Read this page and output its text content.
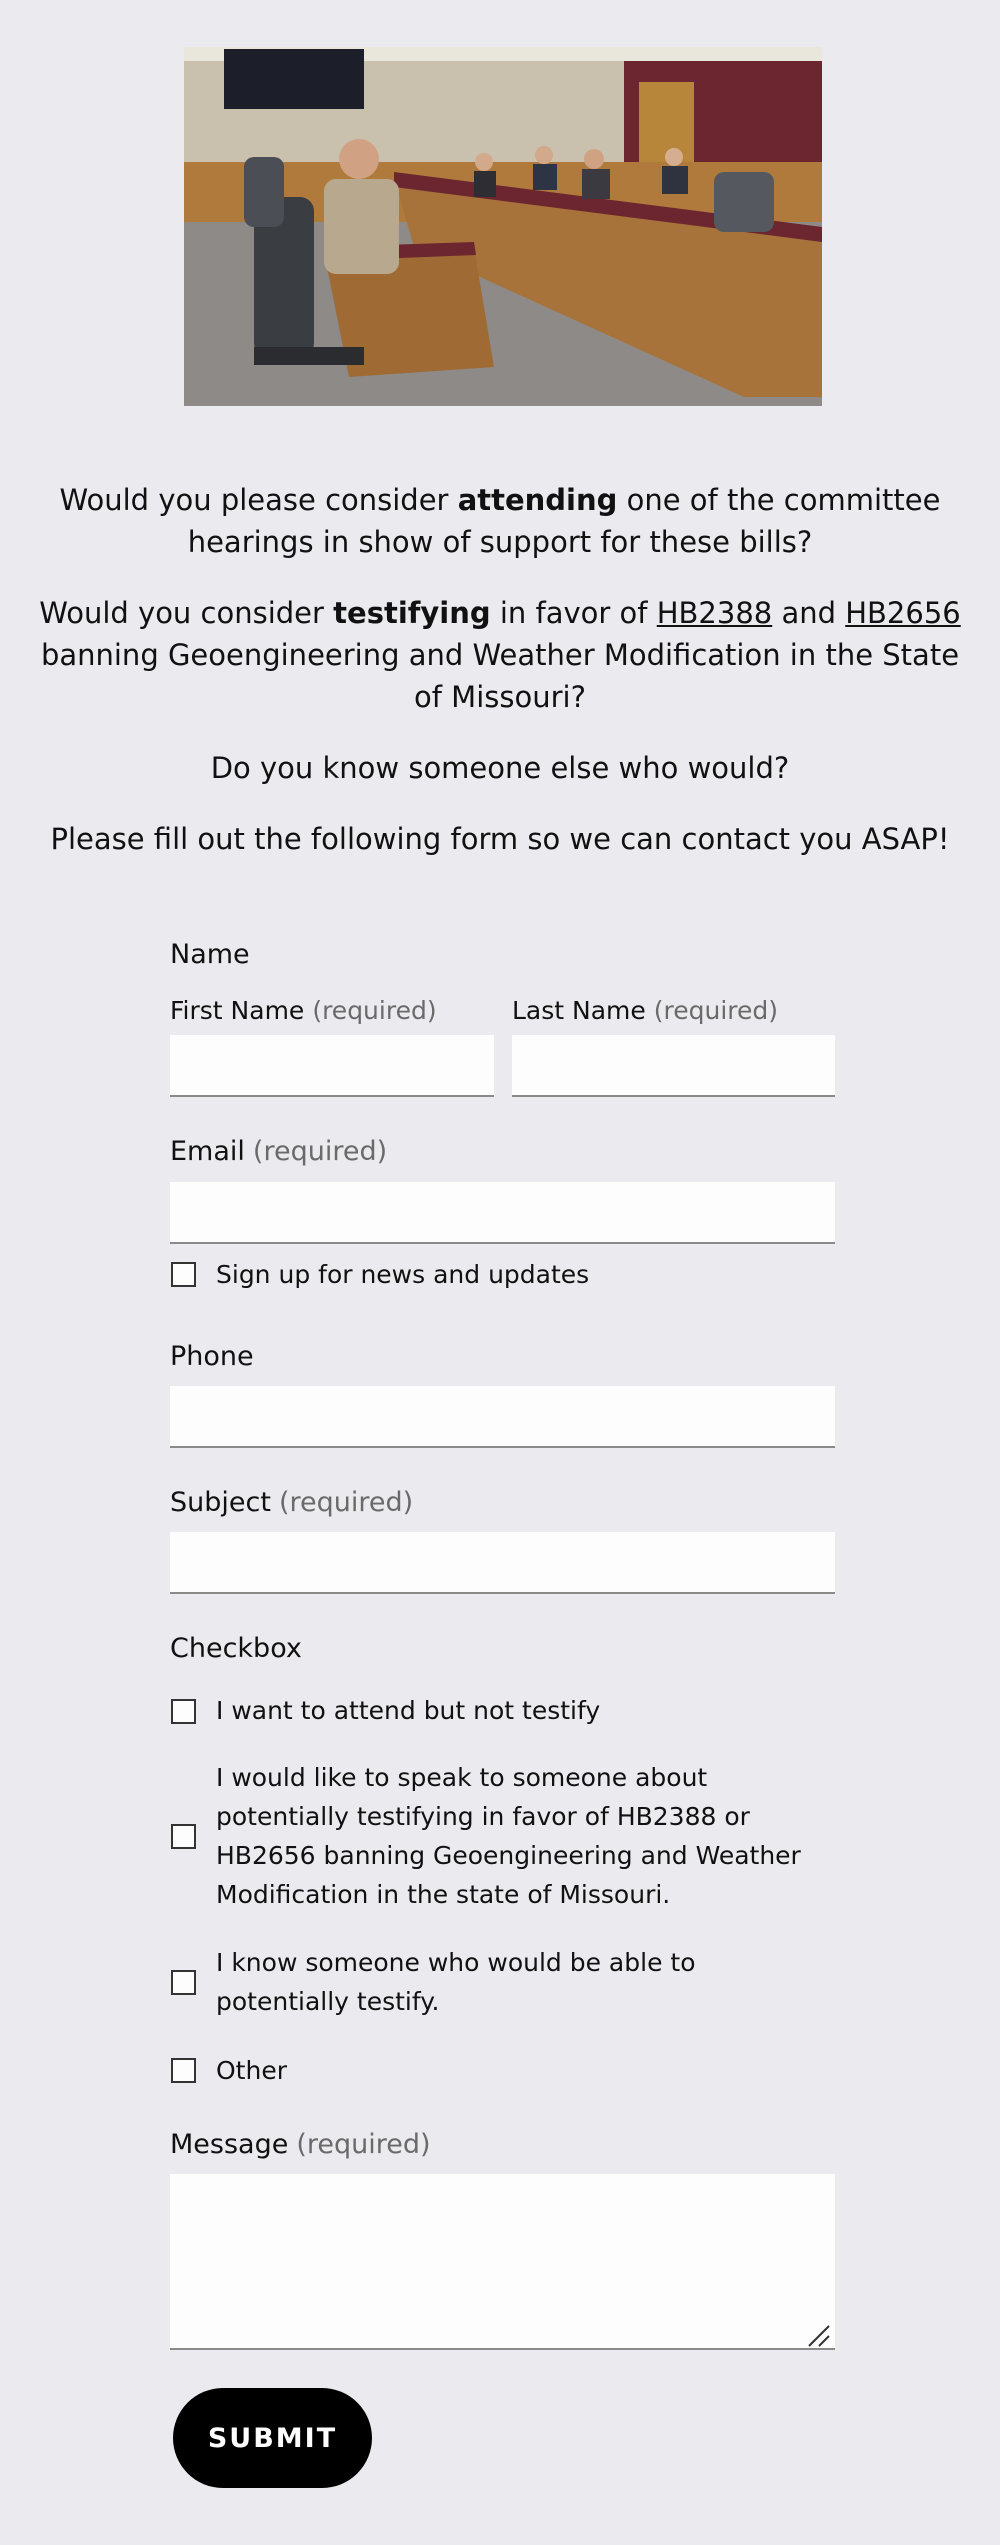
Would you please consider attending one of the committee hearings in show of support for these bills?
Would you consider testifying in favor of HB2388 and HB2656 banning Geoengineering and Weather Modification in the State of Missouri?
Do you know someone else who would?
Please fill out the following form so we can contact you ASAP!
Name
First Name (required)	Last Name (required)
Email (required)
Sign up for news and updates
Phone
Subject (required)
Checkbox
I want to attend but not testify
I would like to speak to someone about potentially testifying in favor of HB2388 or HB2656 banning Geoengineering and Weather Modification in the state of Missouri.
I know someone who would be able to potentially testify.
Other
Message (required)
SUBMIT
